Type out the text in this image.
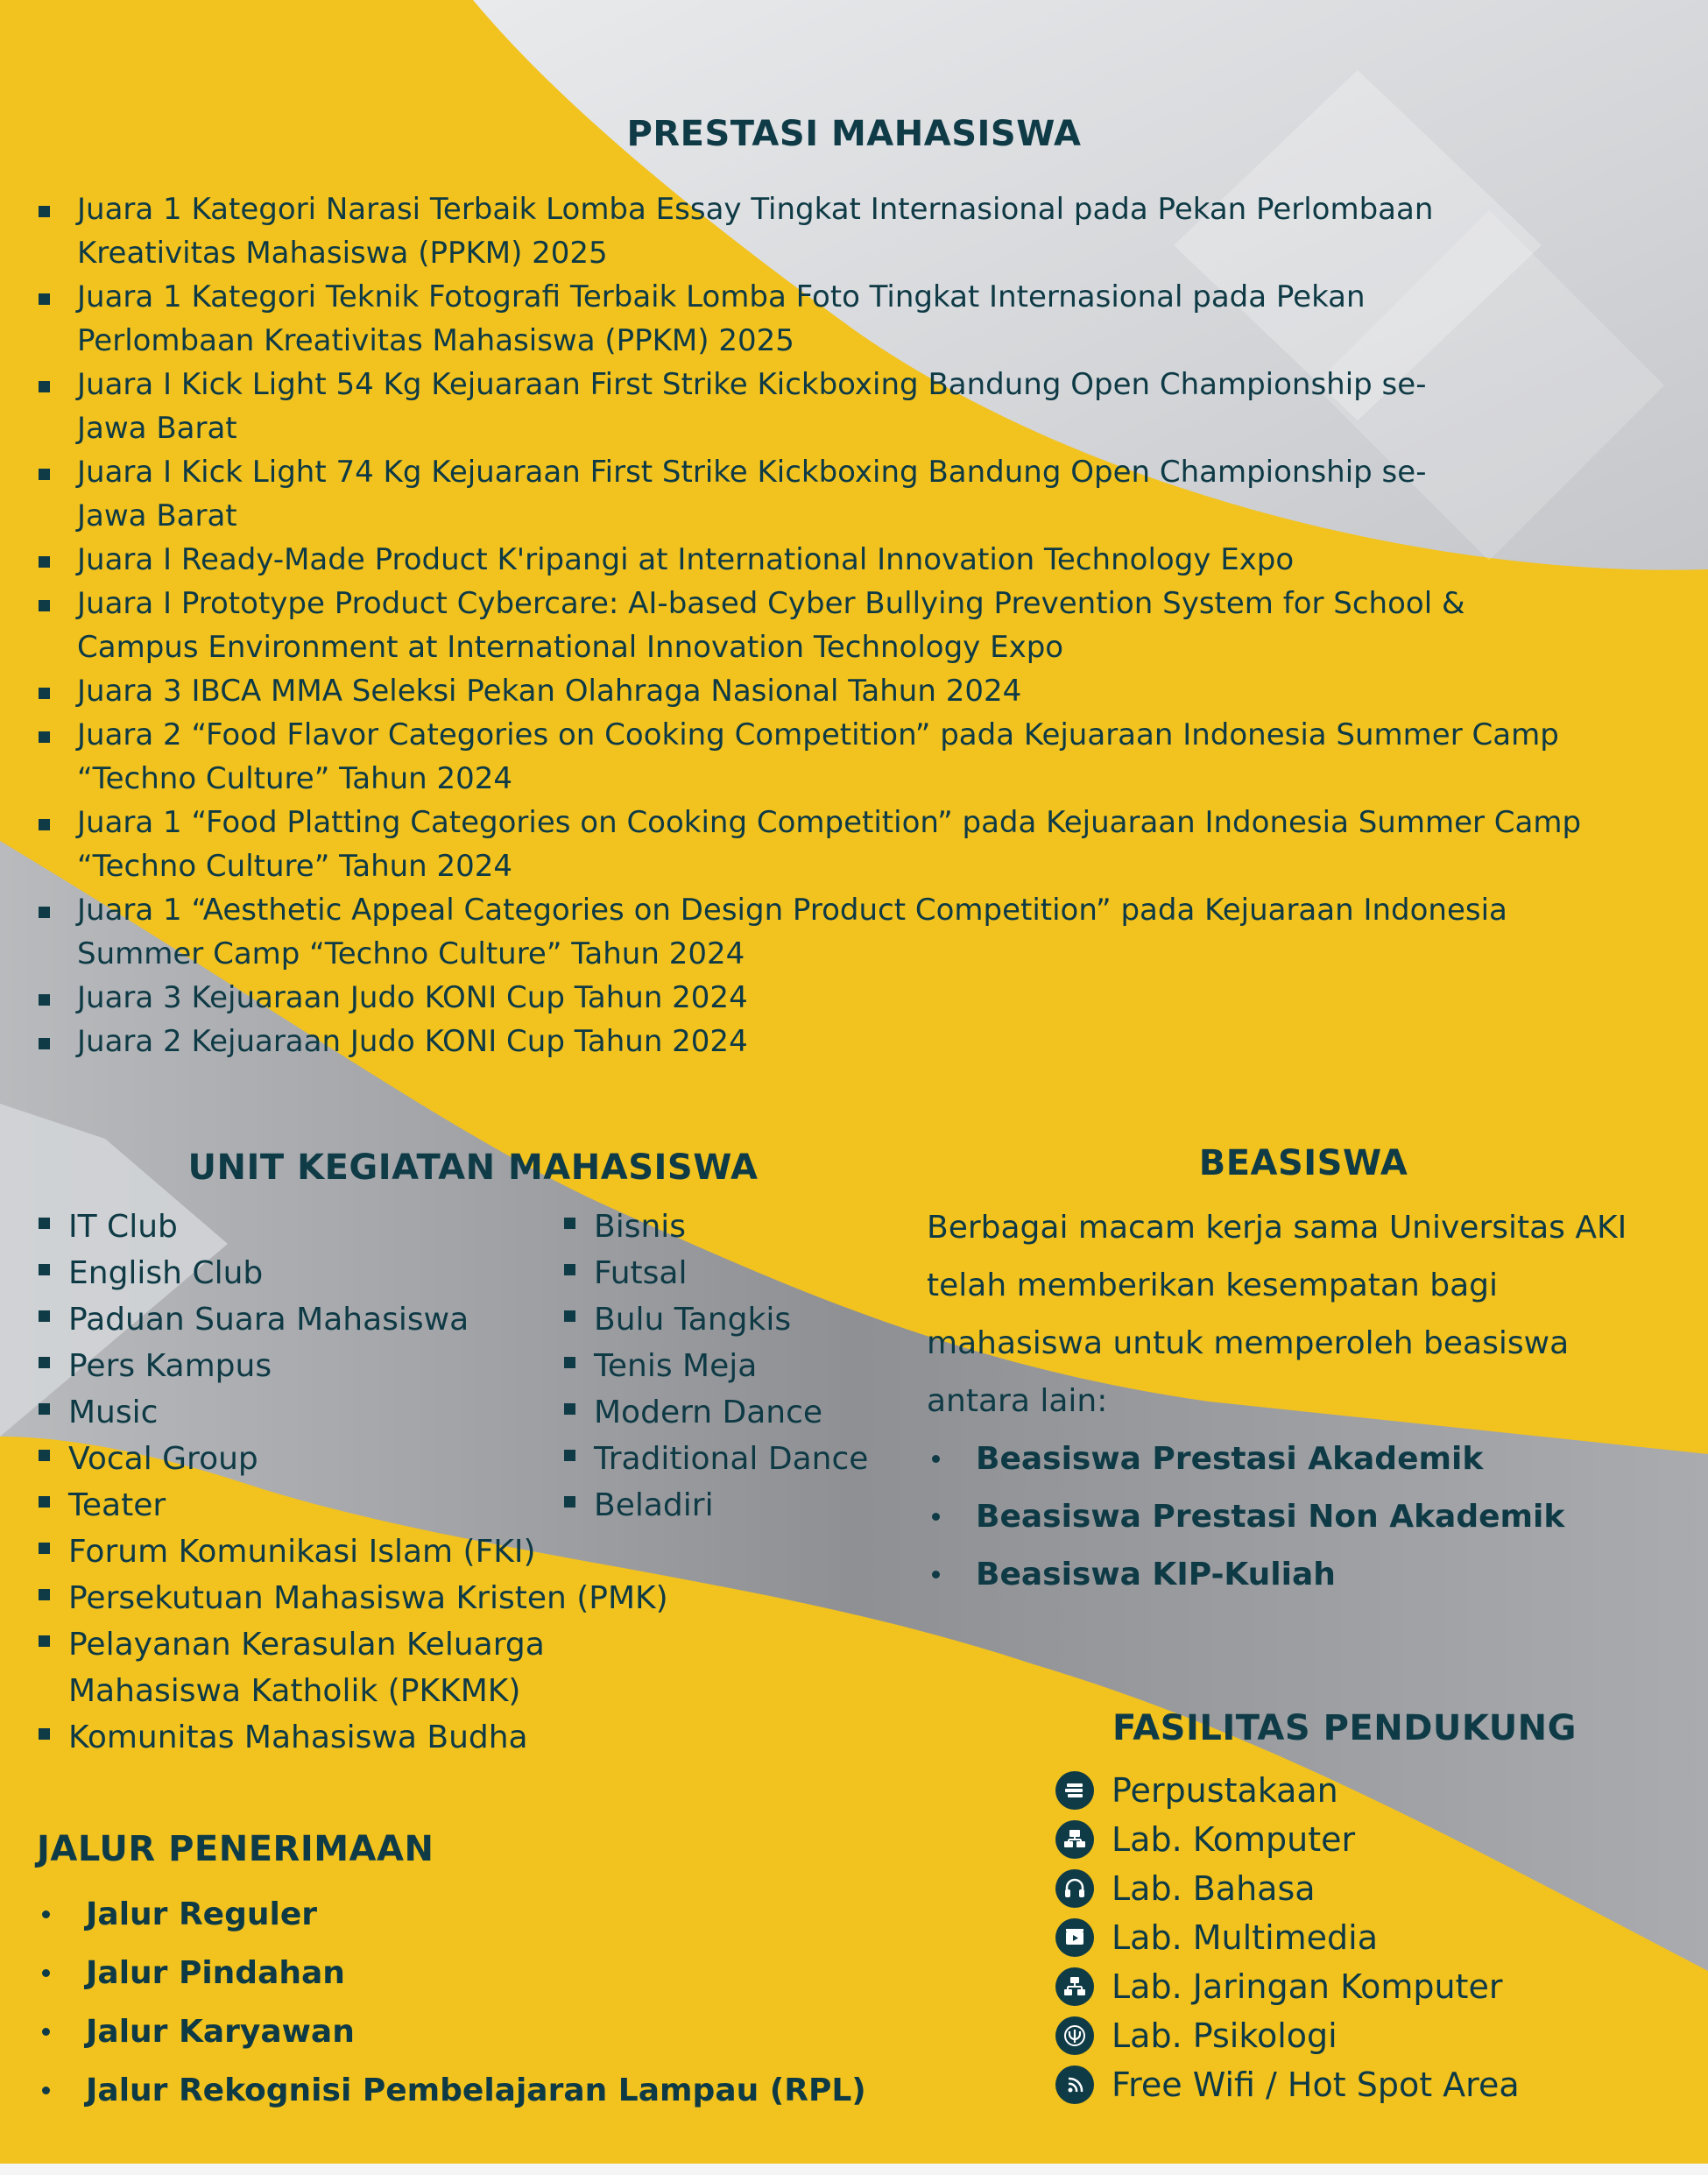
PRESTASI MAHASISWA
Juara 1 Kategori Narasi Terbaik Lomba Essay Tingkat Internasional pada Pekan Perlombaan Kreativitas Mahasiswa (PPKM) 2025
Juara 1 Kategori Teknik Fotografi Terbaik Lomba Foto Tingkat Internasional pada Pekan Perlombaan Kreativitas Mahasiswa (PPKM) 2025
Juara I Kick Light 54 Kg Kejuaraan First Strike Kickboxing Bandung Open Championship se-Jawa Barat
Juara I Kick Light 74 Kg Kejuaraan First Strike Kickboxing Bandung Open Championship se-Jawa Barat
Juara I Ready-Made Product K'ripangi at International Innovation Technology Expo
Juara I Prototype Product Cybercare: AI-based Cyber Bullying Prevention System for School & Campus Environment at International Innovation Technology Expo
Juara 3 IBCA MMA Seleksi Pekan Olahraga Nasional Tahun 2024
Juara 2 “Food Flavor Categories on Cooking Competition” pada Kejuaraan Indonesia Summer Camp “Techno Culture” Tahun 2024
Juara 1 “Food Platting Categories on Cooking Competition” pada Kejuaraan Indonesia Summer Camp “Techno Culture” Tahun 2024
Juara 1 “Aesthetic Appeal Categories on Design Product Competition” pada Kejuaraan Indonesia Summer Camp “Techno Culture” Tahun 2024
Juara 3 Kejuaraan Judo KONI Cup Tahun 2024
Juara 2 Kejuaraan Judo KONI Cup Tahun 2024
UNIT KEGIATAN MAHASISWA
IT Club
English Club
Paduan Suara Mahasiswa
Pers Kampus
Music
Vocal Group
Teater
Forum Komunikasi Islam (FKI)
Persekutuan Mahasiswa Kristen (PMK)
Pelayanan Kerasulan Keluarga Mahasiswa Katholik (PKKMK)
Komunitas Mahasiswa Budha
Bisnis
Futsal
Bulu Tangkis
Tenis Meja
Modern Dance
Traditional Dance
Beladiri
BEASISWA

Berbagai macam kerja sama Universitas AKI telah memberikan kesempatan bagi mahasiswa untuk memperoleh beasiswa antara lain:

Beasiswa Prestasi Akademik
Beasiswa Prestasi Non Akademik
Beasiswa KIP-Kuliah
FASILITAS PENDUKUNG
Perpustakaan
Lab. Komputer
Lab. Bahasa
Lab. Multimedia
Lab. Jaringan Komputer
Lab. Psikologi
Free Wifi / Hot Spot Area
JALUR PENERIMAAN
Jalur Reguler
Jalur Pindahan
Jalur Karyawan
Jalur Rekognisi Pembelajaran Lampau (RPL)
